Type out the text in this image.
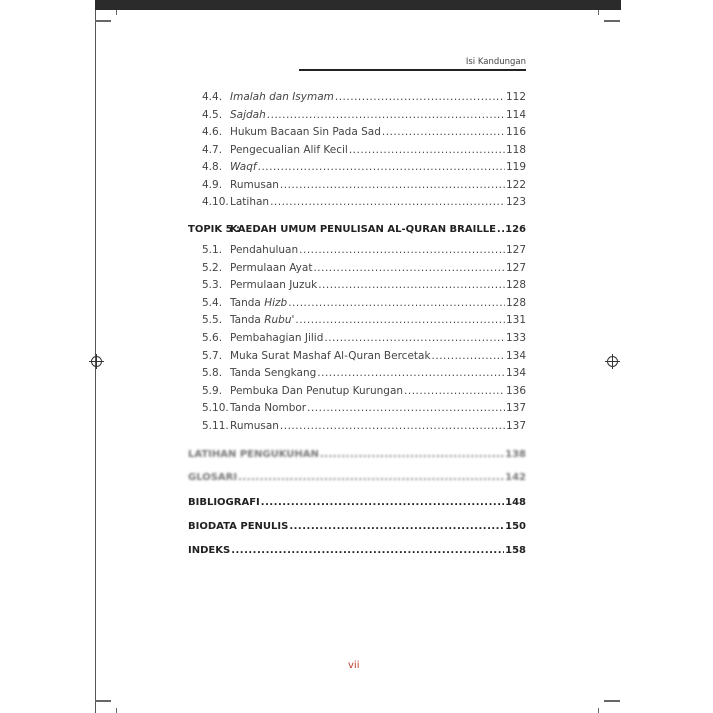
Isi Kandungan
4.4. Imalah dan Isymam .....	112
4.5. Sajdah .....	114
4.6. Hukum Bacaan Sin Pada Sad .....	116
4.7. Pengecualian Alif Kecil .....	118
4.8. Waqf .....	119
4.9. Rumusan .....	122
4.10. Latihan .....	123
TOPIK 5 :
KAEDAH UMUM PENULISAN AL-QURAN BRAILLE ..... 126
5.1. Pendahuluan .....	127
5.2. Permulaan Ayat .....	127
5.3. Permulaan Juzuk .....	128
5.4. Tanda Hizb .....	128
5.5. Tanda Rubu' .....	131
5.6. Pembahagian Jilid .....	133
5.7. Muka Surat Mashaf Al-Quran Bercetak .....	134
5.8. Tanda Sengkang .....	134
5.9. Pembuka Dan Penutup Kurungan .....	136
5.10. Tanda Nombor .....	137
5.11. Rumusan .....	137
LATIHAN PENGUKUHAN .....	138
GLOSARI .....	142
BIBLIOGRAFI .....	148
BIODATA PENULIS .....	150
INDEKS .....	158
vii
